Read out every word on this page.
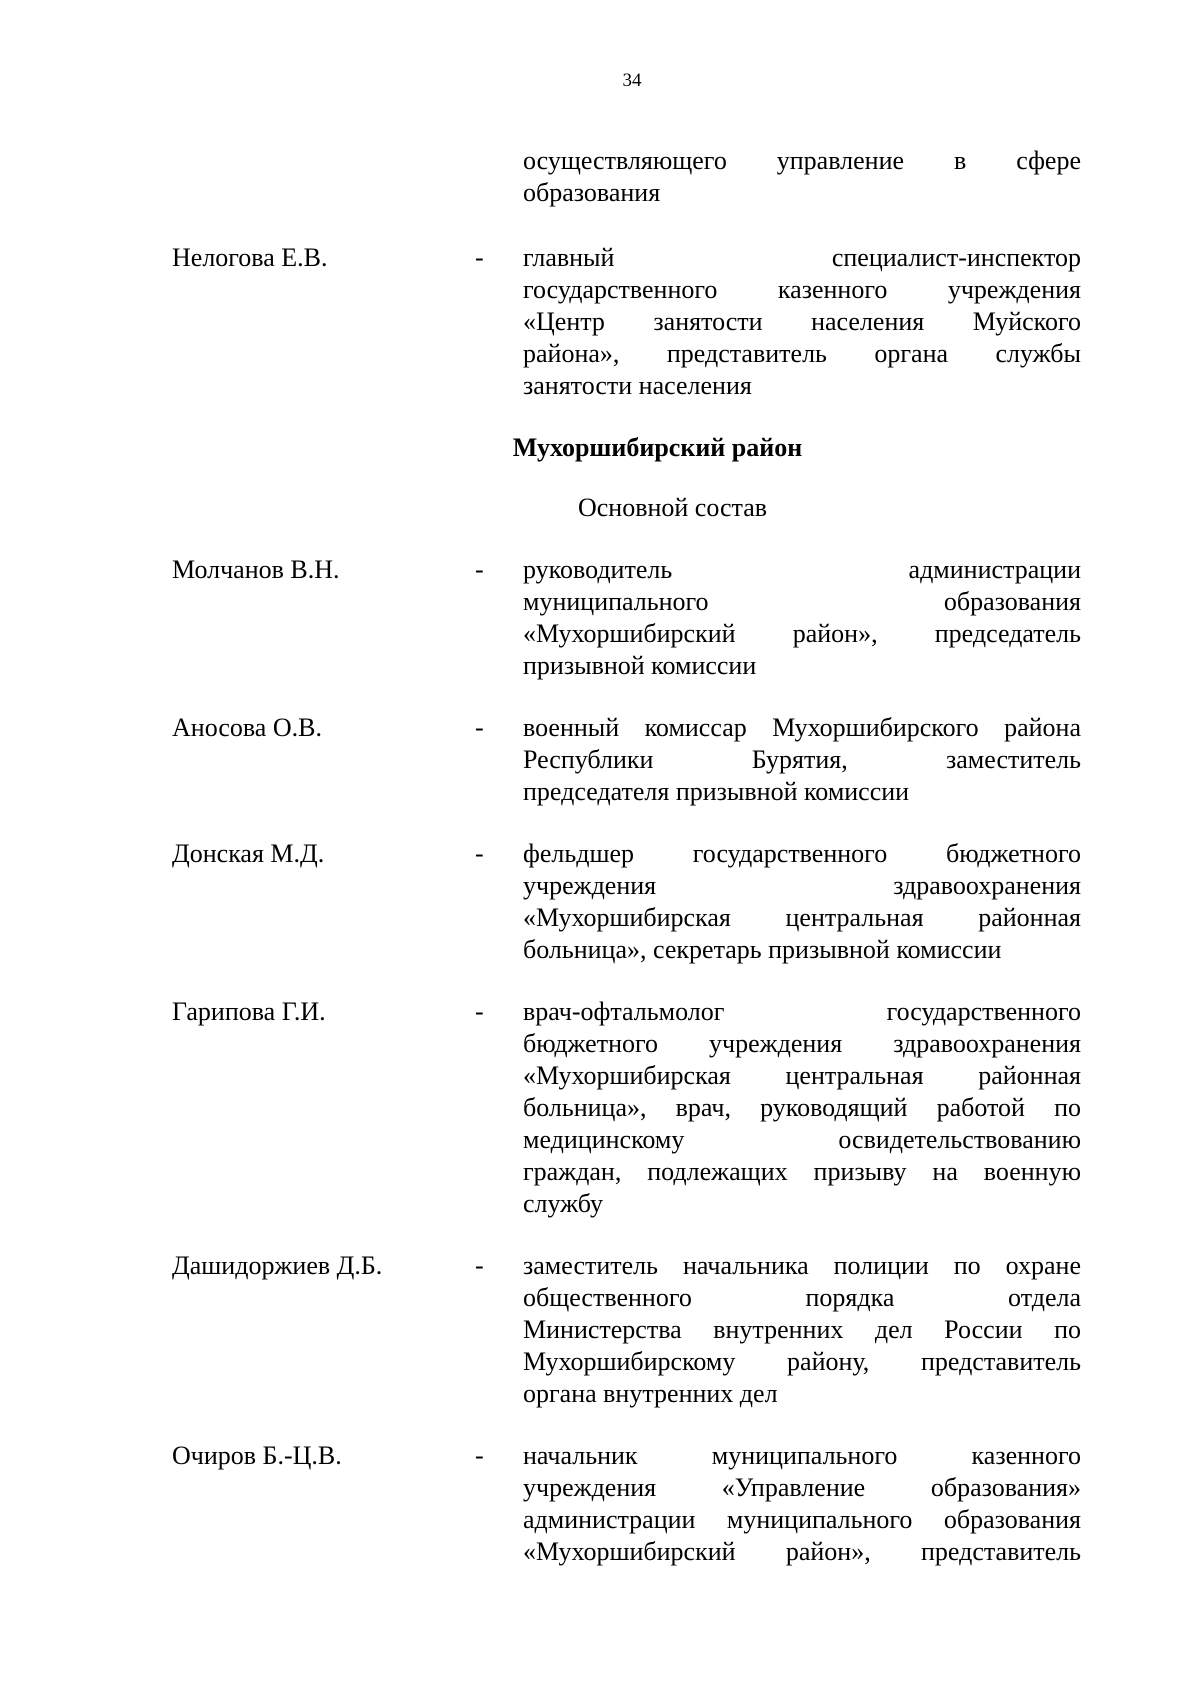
34
осуществляющего управление в сфере
образования
Нелогова Е.В.	- главный специалист-инспектор
государственного казенного учреждения
«Центр занятости населения Муйского
района», представитель органа службы
занятости населения
Мухоршибирский район
Основной состав
Молчанов В.Н.	- руководитель администрации
муниципального образования
«Мухоршибирский район», председатель
призывной комиссии
Аносова О.В.	- военный комиссар Мухоршибирского района
Республики Бурятия, заместитель
председателя призывной комиссии
Донская М.Д.	- фельдшер государственного бюджетного
учреждения здравоохранения
«Мухоршибирская центральная районная
больница», секретарь призывной комиссии
Гарипова Г.И.	- врач-офтальмолог государственного
бюджетного учреждения здравоохранения
«Мухоршибирская центральная районная
больница», врач, руководящий работой по
медицинскому освидетельствованию
граждан, подлежащих призыву на военную
службу
Дашидоржиев Д.Б.	- заместитель начальника полиции по охране
общественного порядка отдела
Министерства внутренних дел России по
Мухоршибирскому району, представитель
органа внутренних дел
Очиров Б.-Ц.В.	- начальник муниципального казенного
учреждения «Управление образования»
администрации муниципального образования
«Мухоршибирский район», представитель
